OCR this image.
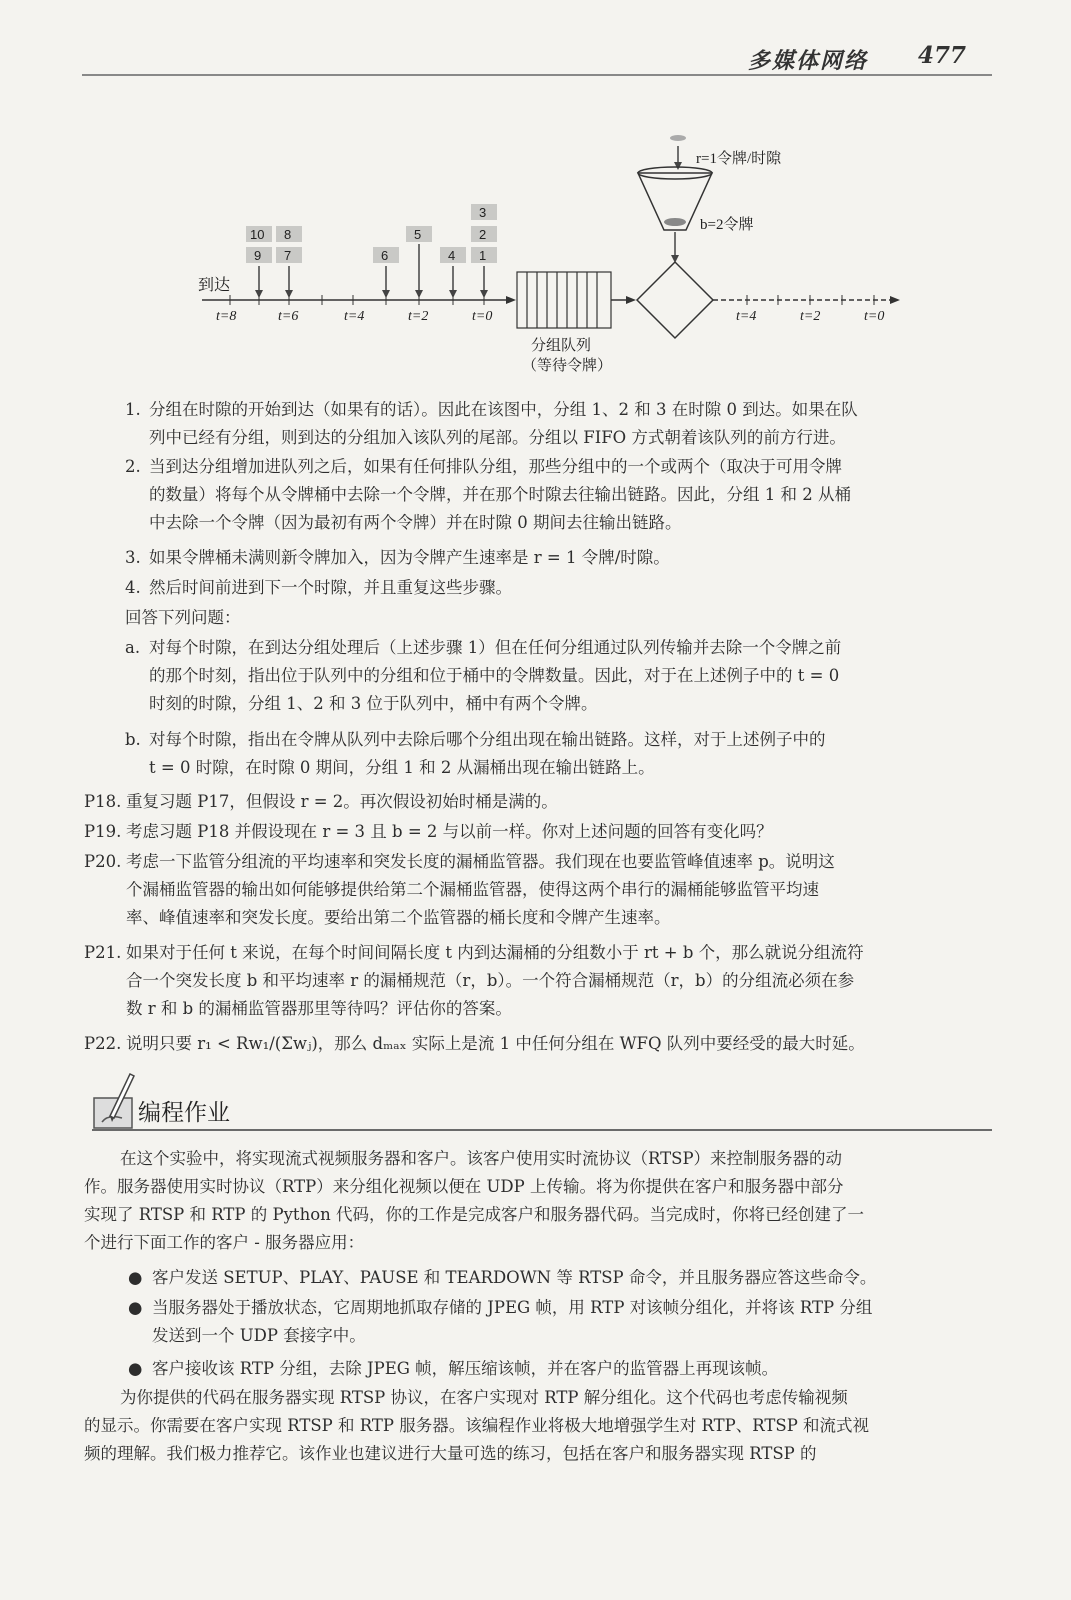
多媒体网络 477
r=1令牌/时隙
b=2令牌
10 8
9 7	6
5
4
3
2
1
到达
t=8	t=6	t=4	t=2	t=0
分组队列
（等待令牌）
t=4	t=2	t=0
1. 分组在时隙的开始到达（如果有的话）。因此在该图中，分组 1、2 和 3 在时隙 0 到达。如果在队
列中已经有分组，则到达的分组加入该队列的尾部。分组以 FIFO 方式朝着该队列的前方行进。
2. 当到达分组增加进队列之后，如果有任何排队分组，那些分组中的一个或两个（取决于可用令牌
的数量）将每个从令牌桶中去除一个令牌，并在那个时隙去往输出链路。因此，分组 1 和 2 从桶
中去除一个令牌（因为最初有两个令牌）并在时隙 0 期间去往输出链路。
3. 如果令牌桶未满则新令牌加入，因为令牌产生速率是 r = 1 令牌/时隙。
4. 然后时间前进到下一个时隙，并且重复这些步骤。
回答下列问题：
a. 对每个时隙，在到达分组处理后（上述步骤 1）但在任何分组通过队列传输并去除一个令牌之前
的那个时刻，指出位于队列中的分组和位于桶中的令牌数量。因此，对于在上述例子中的 t = 0
时刻的时隙，分组 1、2 和 3 位于队列中，桶中有两个令牌。
b. 对每个时隙，指出在令牌从队列中去除后哪个分组出现在输出链路。这样，对于上述例子中的
t = 0 时隙，在时隙 0 期间，分组 1 和 2 从漏桶出现在输出链路上。
P18. 重复习题 P17，但假设 r = 2。再次假设初始时桶是满的。
P19. 考虑习题 P18 并假设现在 r = 3 且 b = 2 与以前一样。你对上述问题的回答有变化吗？
P20. 考虑一下监管分组流的平均速率和突发长度的漏桶监管器。我们现在也要监管峰值速率 p。说明这
个漏桶监管器的输出如何能够提供给第二个漏桶监管器，使得这两个串行的漏桶能够监管平均速
率、峰值速率和突发长度。要给出第二个监管器的桶长度和令牌产生速率。
P21. 如果对于任何 t 来说，在每个时间间隔长度 t 内到达漏桶的分组数小于 rt + b 个，那么就说分组流符
合一个突发长度 b 和平均速率 r 的漏桶规范（r，b）。一个符合漏桶规范（r，b）的分组流必须在参
数 r 和 b 的漏桶监管器那里等待吗？评估你的答案。
P22. 说明只要 r₁ < Rw₁/(Σwⱼ)，那么 dₘₐₓ 实际上是流 1 中任何分组在 WFQ 队列中要经受的最大时延。
编程作业
在这个实验中，将实现流式视频服务器和客户。该客户使用实时流协议（RTSP）来控制服务器的动
作。服务器使用实时协议（RTP）来分组化视频以便在 UDP 上传输。将为你提供在客户和服务器中部分
实现了 RTSP 和 RTP 的 Python 代码，你的工作是完成客户和服务器代码。当完成时，你将已经创建了一
个进行下面工作的客户 - 服务器应用：
● 客户发送 SETUP、PLAY、PAUSE 和 TEARDOWN 等 RTSP 命令，并且服务器应答这些命令。
● 当服务器处于播放状态，它周期地抓取存储的 JPEG 帧，用 RTP 对该帧分组化，并将该 RTP 分组
发送到一个 UDP 套接字中。
● 客户接收该 RTP 分组，去除 JPEG 帧，解压缩该帧，并在客户的监管器上再现该帧。
为你提供的代码在服务器实现 RTSP 协议，在客户实现对 RTP 解分组化。这个代码也考虑传输视频
的显示。你需要在客户实现 RTSP 和 RTP 服务器。该编程作业将极大地增强学生对 RTP、RTSP 和流式视
频的理解。我们极力推荐它。该作业也建议进行大量可选的练习，包括在客户和服务器实现 RTSP 的
